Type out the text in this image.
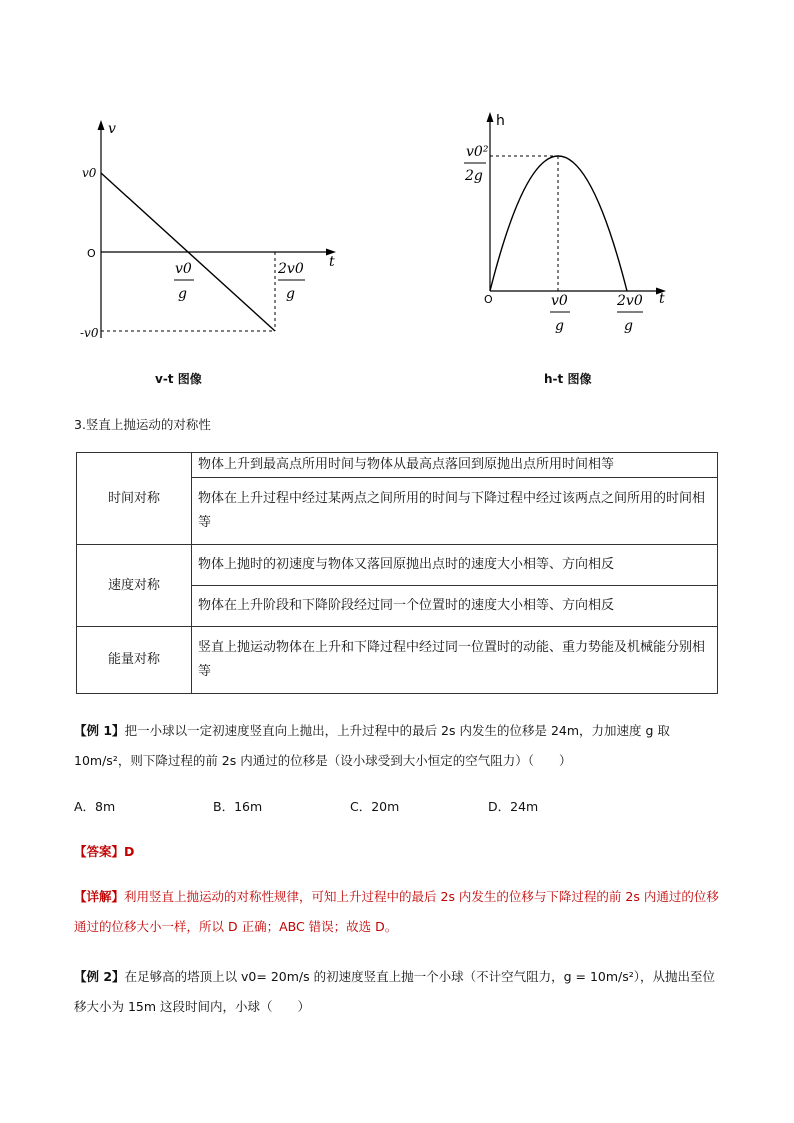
v
t
O
v0
-v0
v0
g
2v0
g
h
t
O
v0²
2g
v0
g
2v0
g
v-t 图像	h-t 图像
3.竖直上抛运动的对称性
时间对称	物体上升到最高点所用时间与物体从最高点落回到原抛出点所用时间相等
	物体在上升过程中经过某两点之间所用的时间与下降过程中经过该两点之间所用的时间相等
速度对称	物体上抛时的初速度与物体又落回原抛出点时的速度大小相等、方向相反
	物体在上升阶段和下降阶段经过同一个位置时的速度大小相等、方向相反
能量对称	竖直上抛运动物体在上升和下降过程中经过同一位置时的动能、重力势能及机械能分别相等

【例 1】把一小球以一定初速度竖直向上抛出，上升过程中的最后 2s 内发生的位移是 24m，力加速度 g 取 10m/s²，则下降过程的前 2s 内通过的位移是（设小球受到大小恒定的空气阻力）（　　）

A．8m	B．16m	C．20m	D．24m

【答案】D

【详解】利用竖直上抛运动的对称性规律，可知上升过程中的最后 2s 内发生的位移与下降过程的前 2s 内通过的位移通过的位移大小一样，所以 D 正确；ABC 错误；故选 D。

【例 2】在足够高的塔顶上以 v0= 20m/s 的初速度竖直上抛一个小球（不计空气阻力，g = 10m/s²），从抛出至位移大小为 15m 这段时间内，小球（　　）
